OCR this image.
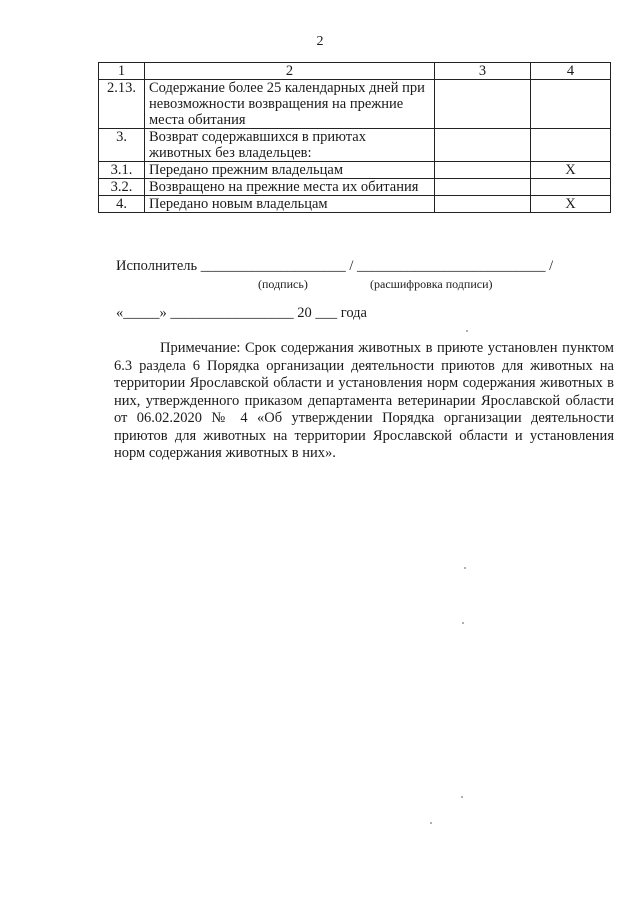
2
1	2	3	4
2.13.	Содержание более 25 календарных дней при невозможности возвращения на прежние места обитания		
3.	Возврат содержавшихся в приютах животных без владельцев:		
3.1.	Передано прежним владельцам		Х
3.2.	Возвращено на прежние места их обитания		
4.	Передано новым владельцам		Х
Исполнитель ____________________ / __________________________ /
(подпись)	(расшифровка подписи)
«_____» _________________ 20 ___ года

Примечание: Срок содержания животных в приюте установлен пунктом 6.3 раздела 6 Порядка организации деятельности приютов для животных на территории Ярославской области и установления норм содержания животных в них, утвержденного приказом департамента ветеринарии Ярославской области от 06.02.2020 № 4 «Об утверждении Порядка организации деятельности приютов для животных на территории Ярославской области и установления норм содержания животных в них».
